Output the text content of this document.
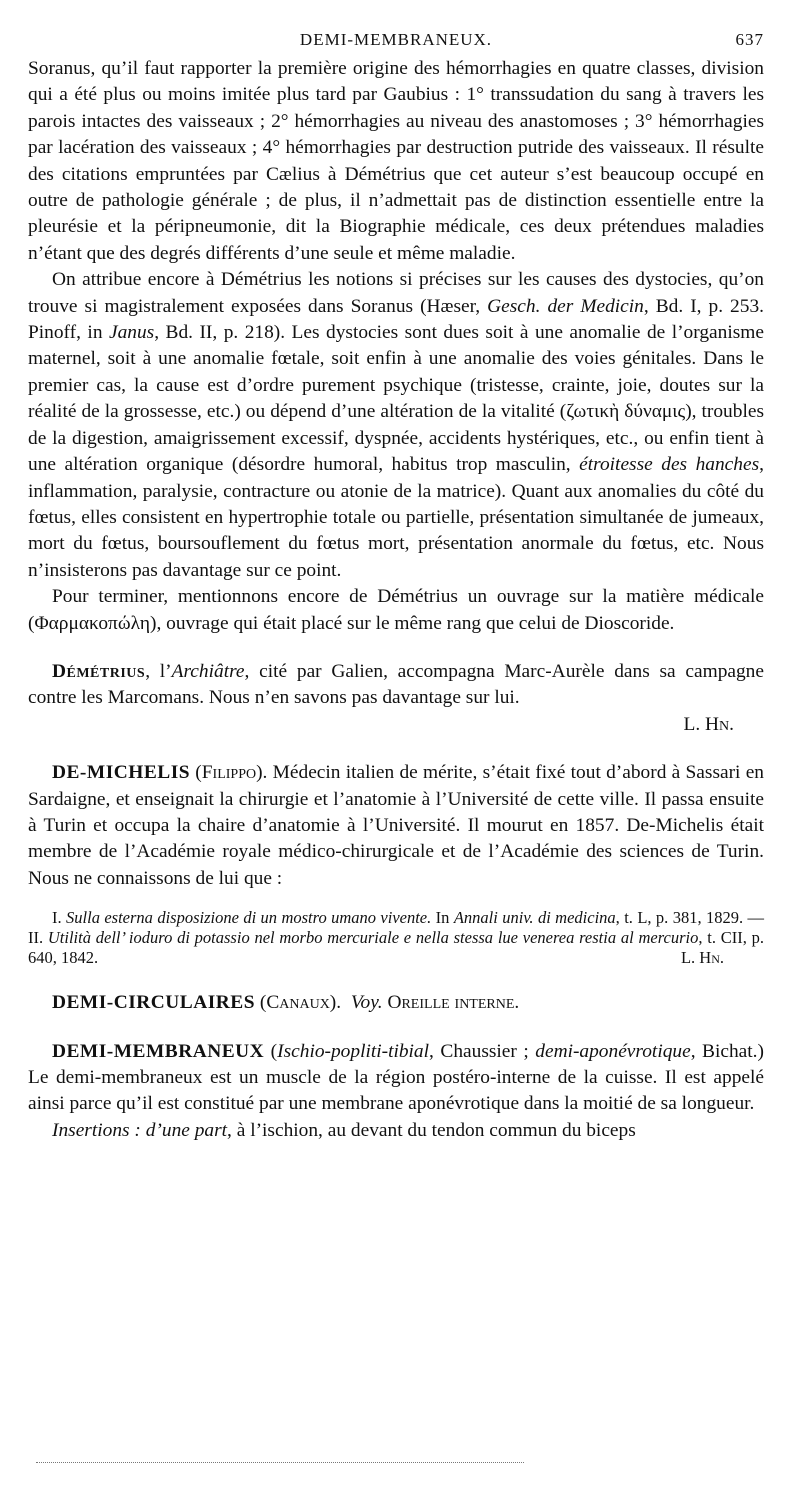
DEMI-MEMBRANEUX.	637

Soranus, qu’il faut rapporter la première origine des hémorrhagies en quatre classes, division qui a été plus ou moins imitée plus tard par Gaubius : 1° transsudation du sang à travers les parois intactes des vaisseaux ; 2° hémorrhagies au niveau des anastomoses ; 3° hémorrhagies par lacération des vaisseaux ; 4° hémorrhagies par destruction putride des vaisseaux. Il résulte des citations empruntées par Cælius à Démétrius que cet auteur s’est beaucoup occupé en outre de pathologie générale ; de plus, il n’admettait pas de distinction essentielle entre la pleurésie et la péripneumonie, dit la Biographie médicale, ces deux prétendues maladies n’étant que des degrés différents d’une seule et même maladie.

On attribue encore à Démétrius les notions si précises sur les causes des dystocies, qu’on trouve si magistralement exposées dans Soranus (Hæser, Gesch. der Medicin, Bd. I, p. 253. Pinoff, in Janus, Bd. II, p. 218). Les dystocies sont dues soit à une anomalie de l’organisme maternel, soit à une anomalie fœtale, soit enfin à une anomalie des voies génitales. Dans le premier cas, la cause est d’ordre purement psychique (tristesse, crainte, joie, doutes sur la réalité de la grossesse, etc.) ou dépend d’une altération de la vitalité (ζωτικὴ δύναμις), troubles de la digestion, amaigrissement excessif, dyspnée, accidents hystériques, etc., ou enfin tient à une altération organique (désordre humoral, habitus trop masculin, étroitesse des hanches, inflammation, paralysie, contracture ou atonie de la matrice). Quant aux anomalies du côté du fœtus, elles consistent en hypertrophie totale ou partielle, présentation simultanée de jumeaux, mort du fœtus, boursouflement du fœtus mort, présentation anormale du fœtus, etc. Nous n’insisterons pas davantage sur ce point.

Pour terminer, mentionnons encore de Démétrius un ouvrage sur la matière médicale (Φαρμακοπώλη), ouvrage qui était placé sur le même rang que celui de Dioscoride.

Démétrius, l’Archiâtre, cité par Galien, accompagna Marc-Aurèle dans sa campagne contre les Marcomans. Nous n’en savons pas davantage sur lui.

L. Hn.

DE-MICHELIS (Filippo). Médecin italien de mérite, s’était fixé tout d’abord à Sassari en Sardaigne, et enseignait la chirurgie et l’anatomie à l’Université de cette ville. Il passa ensuite à Turin et occupa la chaire d’anatomie à l’Université. Il mourut en 1857. De-Michelis était membre de l’Académie royale médico-chirurgicale et de l’Académie des sciences de Turin. Nous ne connaissons de lui que :

I. Sulla esterna disposizione di un mostro umano vivente. In Annali univ. di medicina, t. L, p. 381, 1829. — II. Utilità dell’ ioduro di potassio nel morbo mercuriale e nella stessa lue venerea restia al mercurio, t. CII, p. 640, 1842.	L. Hn.

DEMI-CIRCULAIRES (Canaux). Voy. Oreille interne.

DEMI-MEMBRANEUX (Ischio-popliti-tibial, Chaussier ; demi-aponévrotique, Bichat.) Le demi-membraneux est un muscle de la région postéro-interne de la cuisse. Il est appelé ainsi parce qu’il est constitué par une membrane aponévrotique dans la moitié de sa longueur.

Insertions : d’une part, à l’ischion, au devant du tendon commun du biceps
